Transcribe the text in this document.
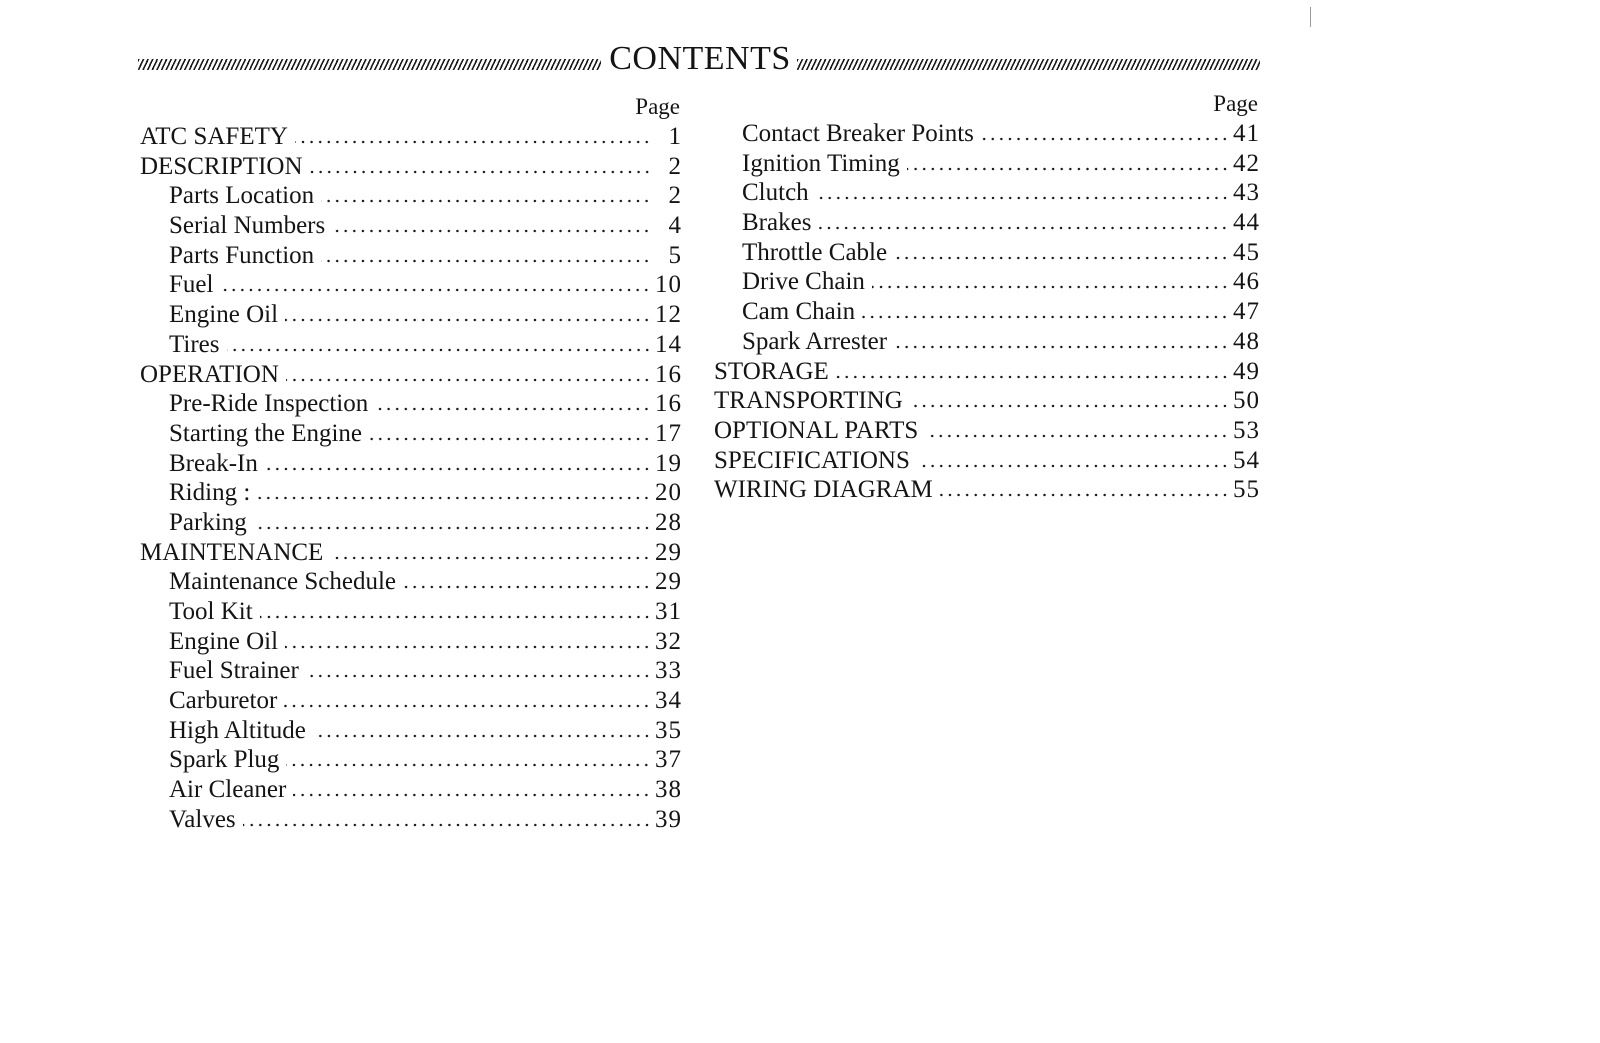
CONTENTS
Page
ATC SAFETY	1
DESCRIPTION	2
Parts Location	2
Serial Numbers	4
Parts Function	5
Fuel	10
Engine Oil	12
Tires	14
OPERATION	16
Pre-Ride Inspection	16
Starting the Engine	17
Break-In	19
Riding :	20
Parking	28
MAINTENANCE	29
Maintenance Schedule	29
Tool Kit	31
Engine Oil	32
Fuel Strainer	33
Carburetor	34
High Altitude	35
Spark Plug	37
Air Cleaner	38
Valves	39
Page
Contact Breaker Points	41
Ignition Timing	42
Clutch	43
Brakes	44
Throttle Cable	45
Drive Chain	46
Cam Chain	47
Spark Arrester	48
STORAGE	49
TRANSPORTING	50
OPTIONAL PARTS	53
SPECIFICATIONS	54
WIRING DIAGRAM	55
